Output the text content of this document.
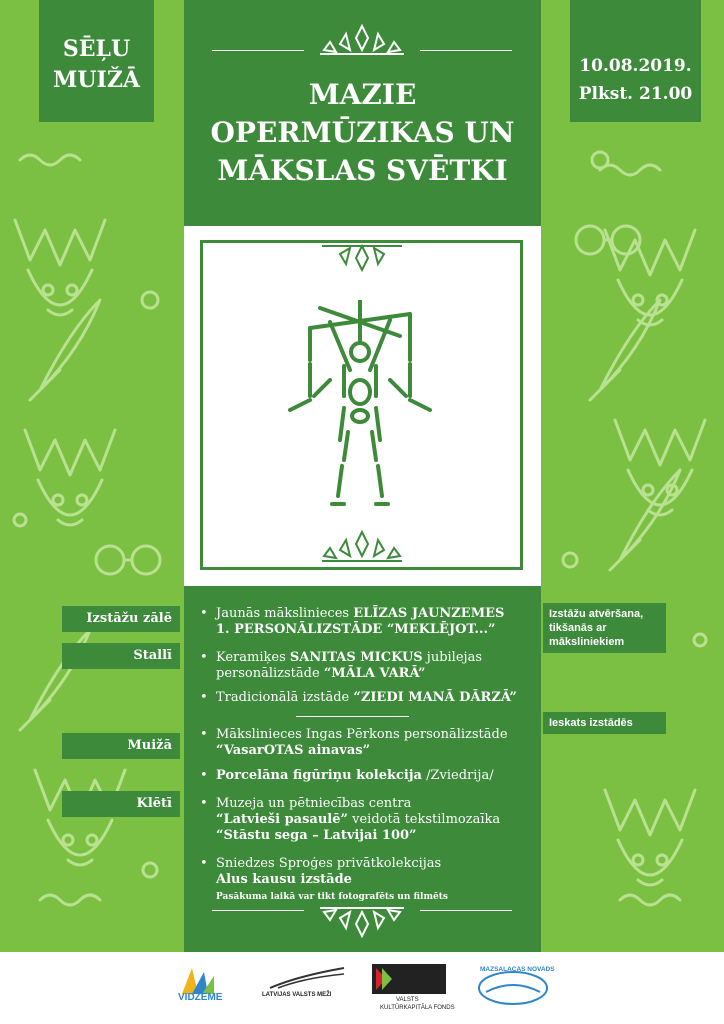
SĒĻU
MUIŽĀ
10.08.2019.
Plkst. 21.00
MAZIE
OPERMŪZIKAS UN
MĀKSLAS SVĒTKI
Izstāžu zālē
Stallī
Muižā
Klētī
Izstāžu atvēršana, tikšanās ar māksliniekiem
Ieskats izstādēs
• Jaunās mākslinieces ELĪZAS JAUNZEMES
1. PERSONĀLIZSTĀDE “MEKLĒJOT...”
• Keramiķes SANITAS MICKUS jubilejas
personālizstāde “MĀLA VARĀ”
• Tradicionālā izstāde “ZIEDI MANĀ DĀRZĀ”
• Mākslinieces Ingas Pērkons personālizstāde
“VasarOTAS ainavas”
• Porcelāna figūriņu kolekcija /Zviedrija/
• Muzeja un pētniecības centra
“Latvieši pasaulē” veidotā tekstilmozaīka
“Stāstu sega – Latvijai 100”
• Sniedzes Sproģes privātkolekcijas
Alus kausu izstāde
Pasākuma laikā var tikt fotografēts un filmēts
VIDZEME	LATVIJAS VALSTS MEŽI
VALSTS
KULTŪRKAPITĀLA FONDS
MAZSALACAS NOVADS
